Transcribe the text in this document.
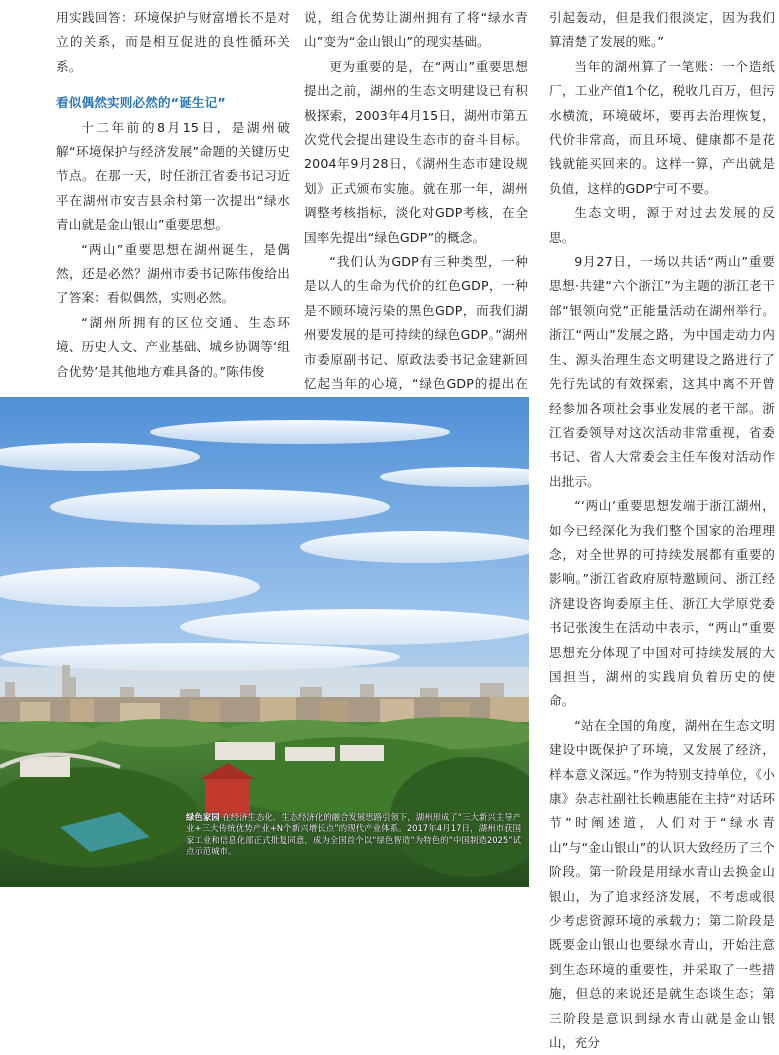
用实践回答：环境保护与财富增长不是对立的关系，而是相互促进的良性循环关系。

看似偶然实则必然的“诞生记”

十二年前的8月15日，是湖州破解“环境保护与经济发展”命题的关键历史节点。在那一天，时任浙江省委书记习近平在湖州市安吉县余村第一次提出“绿水青山就是金山银山”重要思想。

“两山”重要思想在湖州诞生，是偶然，还是必然？湖州市委书记陈伟俊给出了答案：看似偶然，实则必然。

“湖州所拥有的区位交通、生态环境、历史人文、产业基础、城乡协调等‘组合优势’是其他地方难具备的。”陈伟俊

说，组合优势让湖州拥有了将“绿水青山”变为“金山银山”的现实基础。

更为重要的是，在“两山”重要思想提出之前，湖州的生态文明建设已有积极探索，2003年4月15日，湖州市第五次党代会提出建设生态市的奋斗目标。2004年9月28日，《湖州生态市建设规划》正式颁布实施。就在那一年，湖州调整考核指标，淡化对GDP考核，在全国率先提出“绿色GDP”的概念。

“我们认为GDP有三种类型，一种是以人的生命为代价的红色GDP，一种是不顾环境污染的黑色GDP，而我们湖州要发展的是可持续的绿色GDP。”湖州市委原副书记、原政法委书记金建新回忆起当年的心境，“绿色GDP的提出在

引起轰动，但是我们很淡定，因为我们算清楚了发展的账。”

当年的湖州算了一笔账：一个造纸厂，工业产值1个亿，税收几百万，但污水横流，环境破坏，要再去治理恢复，代价非常高，而且环境、健康都不是花钱就能买回来的。这样一算，产出就是负值，这样的GDP宁可不要。

生态文明，源于对过去发展的反思。

9月27日，一场以共话“两山”重要思想·共建“六个浙江”为主题的浙江老干部“银领向党”正能量活动在湖州举行。浙江“两山”发展之路，为中国走动力内生、源头治理生态文明建设之路进行了先行先试的有效探索，这其中离不开曾经参加各项社会事业发展的老干部。浙江省委领导对这次活动非常重视，省委书记、省人大常委会主任车俊对活动作出批示。

“‘两山’重要思想发端于浙江湖州，如今已经深化为我们整个国家的治理理念，对全世界的可持续发展都有重要的影响。”浙江省政府原特邀顾问、浙江经济建设咨询委原主任、浙江大学原党委书记张浚生在活动中表示，“两山”重要思想充分体现了中国对可持续发展的大国担当，湖州的实践肩负着历史的使命。

“站在全国的角度，湖州在生态文明建设中既保护了环境，又发展了经济，样本意义深远。”作为特别支持单位，《小康》杂志社副社长赖惠能在主持“对话环节”时阐述道，人们对于“绿水青山”与“金山银山”的认识大致经历了三个阶段。第一阶段是用绿水青山去换金山银山，为了追求经济发展，不考虑或很少考虑资源环境的承载力；第二阶段是既要金山银山也要绿水青山，开始注意到生态环境的重要性，并采取了一些措施，但总的来说还是就生态谈生态；第三阶段是意识到绿水青山就是金山银山，充分

绿色家园 在经济生态化、生态经济化的融合发展思路引领下，湖州形成了“三大新兴主导产业+三大传统优势产业+N个新兴增长点”的现代产业体系。2017年4月17日，湖州市获国家工业和信息化部正式批复同意，成为全国首个以“绿色智造”为特色的“中国制造2025”试点示范城市。
